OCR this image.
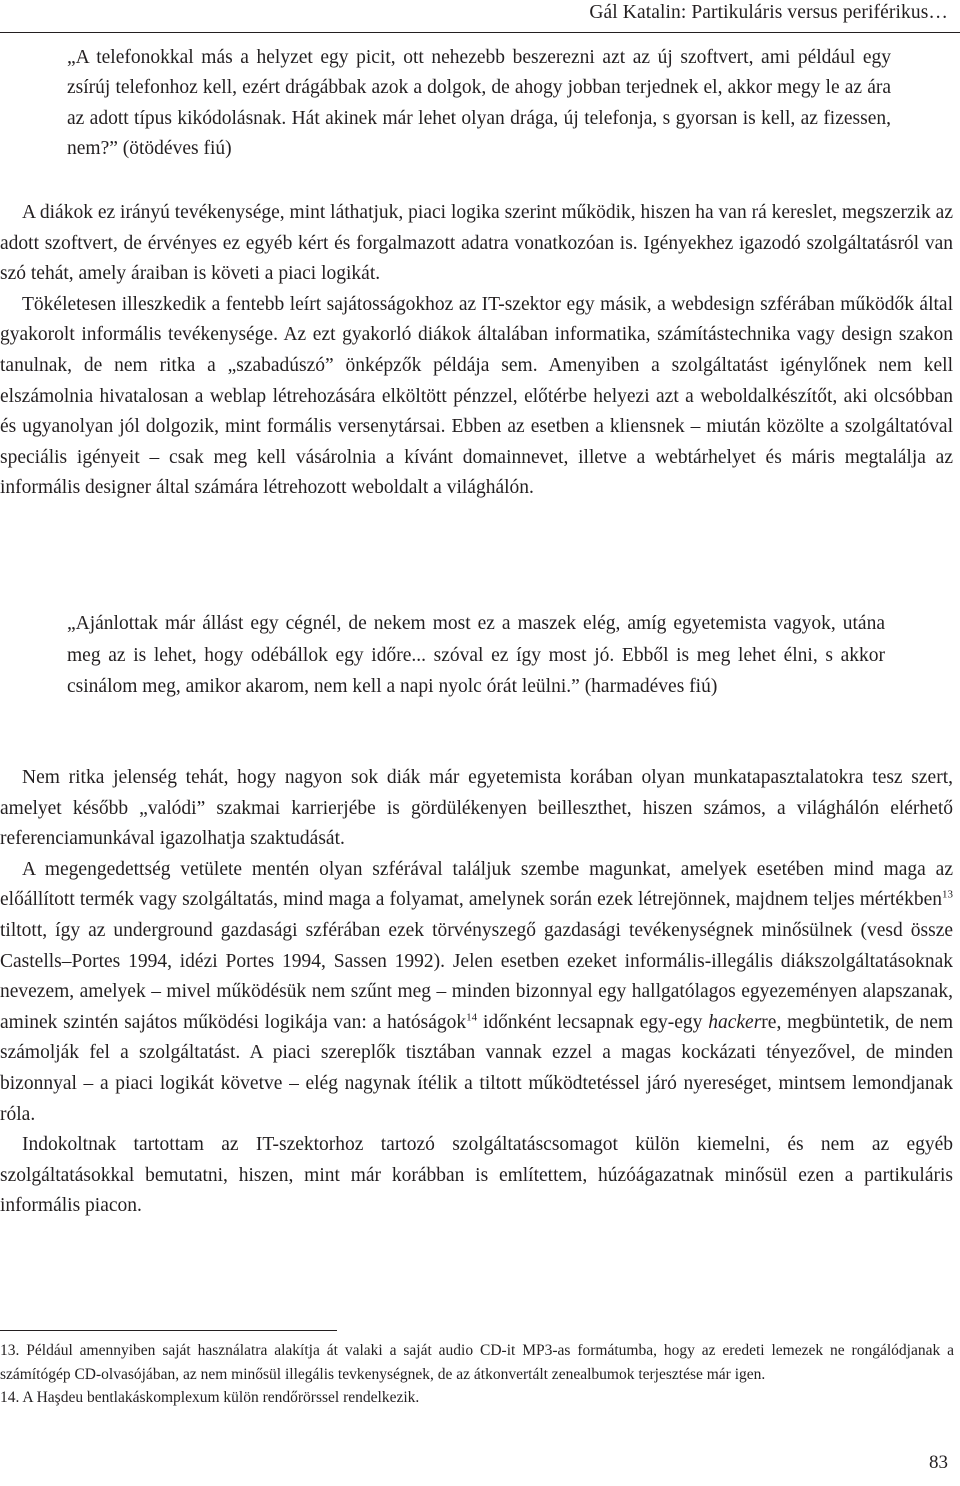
Gál Katalin: Partikuláris versus periférikus…
„A telefonokkal más a helyzet egy picit, ott nehezebb beszerezni azt az új szoftvert, ami például egy zsírúj telefonhoz kell, ezért drágábbak azok a dolgok, de ahogy jobban terjednek el, akkor megy le az ára az adott típus kikódolásnak. Hát akinek már lehet olyan drága, új telefonja, s gyorsan is kell, az fizessen, nem?” (ötödéves fiú)

A diákok ez irányú tevékenysége, mint láthatjuk, piaci logika szerint működik, hiszen ha van rá kereslet, megszerzik az adott szoftvert, de érvényes ez egyéb kért és forgalmazott adatra vonatkozóan is. Igényekhez igazodó szolgáltatásról van szó tehát, amely áraiban is követi a piaci logikát.

Tökéletesen illeszkedik a fentebb leírt sajátosságokhoz az IT-szektor egy másik, a webdesign szférában működők által gyakorolt informális tevékenysége. Az ezt gyakorló diákok általában informatika, számítástechnika vagy design szakon tanulnak, de nem ritka a „szabadúszó” önképzők példája sem. Amenyiben a szolgáltatást igénylőnek nem kell elszámolnia hivatalosan a weblap létrehozására elköltött pénzzel, előtérbe helyezi azt a weboldalkészítőt, aki olcsóbban és ugyanolyan jól dolgozik, mint formális versenytársai. Ebben az esetben a kliensnek – miután közölte a szolgáltatóval speciális igényeit – csak meg kell vásárolnia a kívánt domainnevet, illetve a webtárhelyet és máris megtalálja az informális designer által számára létrehozott weboldalt a világhálón.

„Ajánlottak már állást egy cégnél, de nekem most ez a maszek elég, amíg egyetemista vagyok, utána meg az is lehet, hogy odébállok egy időre... szóval ez így most jó. Ebből is meg lehet élni, s akkor csinálom meg, amikor akarom, nem kell a napi nyolc órát leülni.” (harmadéves fiú)

Nem ritka jelenség tehát, hogy nagyon sok diák már egyetemista korában olyan munkatapasztalatokra tesz szert, amelyet később „valódi” szakmai karrierjébe is gördülékenyen beilleszthet, hiszen számos, a világhálón elérhető referenciamunkával igazolhatja szaktudását.

A megengedettség vetülete mentén olyan szférával találjuk szembe magunkat, amelyek esetében mind maga az előállított termék vagy szolgáltatás, mind maga a folyamat, amelynek során ezek létrejönnek, majdnem teljes mértékben$^{13}$ tiltott, így az underground gazdasági szférában ezek törvényszegő gazdasági tevékenységnek minősülnek (vesd össze Castells–Portes 1994, idézi Portes 1994, Sassen 1992). Jelen esetben ezeket informális-illegális diákszolgáltatásoknak nevezem, amelyek – mivel működésük nem szűnt meg – minden bizonnyal egy hallgatólagos egyezeményen alapszanak, aminek szintén sajátos működési logikája van: a hatóságok$^{14}$ időnként lecsapnak egy-egy hackerre, megbüntetik, de nem számolják fel a szolgáltatást. A piaci szereplők tisztában vannak ezzel a magas kockázati tényezővel, de minden bizonnyal – a piaci logikát követve – elég nagynak ítélik a tiltott működtetéssel járó nyereséget, mintsem lemondjanak róla.

Indokoltnak tartottam az IT-szektorhoz tartozó szolgáltatáscsomagot külön kiemelni, és nem az egyéb szolgáltatásokkal bemutatni, hiszen, mint már korábban is említettem, húzóágazatnak minősül ezen a partikuláris informális piacon.

13. Például amennyiben saját használatra alakítja át valaki a saját audio CD-it MP3-as formátumba, hogy az eredeti lemezek ne rongálódjanak a számítógép CD-olvasójában, az nem minősül illegális tevkenységnek, de az átkonvertált zenealbumok terjesztése már igen.

14. A Haşdeu bentlakáskomplexum külön rendőrörssel rendelkezik.

83
